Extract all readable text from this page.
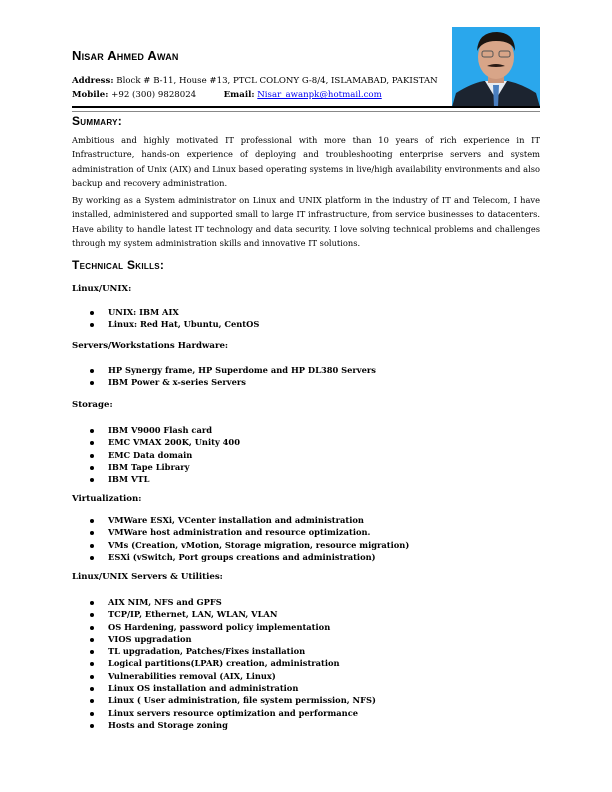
Nisar Ahmed Awan
Address: Block # B-11, House #13, PTCL COLONY G-8/4, ISLAMABAD, PAKISTAN
Mobile: +92 (300) 9828024	Email: Nisar_awanpk@hotmail.com
Summary:
Ambitious and highly motivated IT professional with more than 10 years of rich experience in IT Infrastructure, hands-on experience of deploying and troubleshooting enterprise servers and system administration of Unix (AIX) and Linux based operating systems in live/high availability environments and also backup and recovery administration.
By working as a System administrator on Linux and UNIX platform in the industry of IT and Telecom, I have installed, administered and supported small to large IT infrastructure, from service businesses to datacenters. Have ability to handle latest IT technology and data security. I love solving technical problems and challenges through my system administration skills and innovative IT solutions.
Technical Skills:
Linux/UNIX:
UNIX: IBM AIX
Linux: Red Hat, Ubuntu, CentOS
Servers/Workstations Hardware:
HP Synergy frame, HP Superdome and HP DL380 Servers
IBM Power & x-series Servers
Storage:
IBM V9000 Flash card
EMC VMAX 200K, Unity 400
EMC Data domain
IBM Tape Library
IBM VTL
Virtualization:
VMWare ESXi, VCenter installation and administration
VMWare host administration and resource optimization.
VMs (Creation, vMotion, Storage migration, resource migration)
ESXi (vSwitch, Port groups creations and administration)
Linux/UNIX Servers & Utilities:
AIX NIM, NFS and GPFS
TCP/IP, Ethernet, LAN, WLAN, VLAN
OS Hardening, password policy implementation
VIOS upgradation
TL upgradation, Patches/Fixes installation
Logical partitions(LPAR) creation, administration
Vulnerabilities removal (AIX, Linux)
Linux OS installation and administration
Linux ( User administration, file system permission, NFS)
Linux servers resource optimization and performance
Hosts and Storage zoning
